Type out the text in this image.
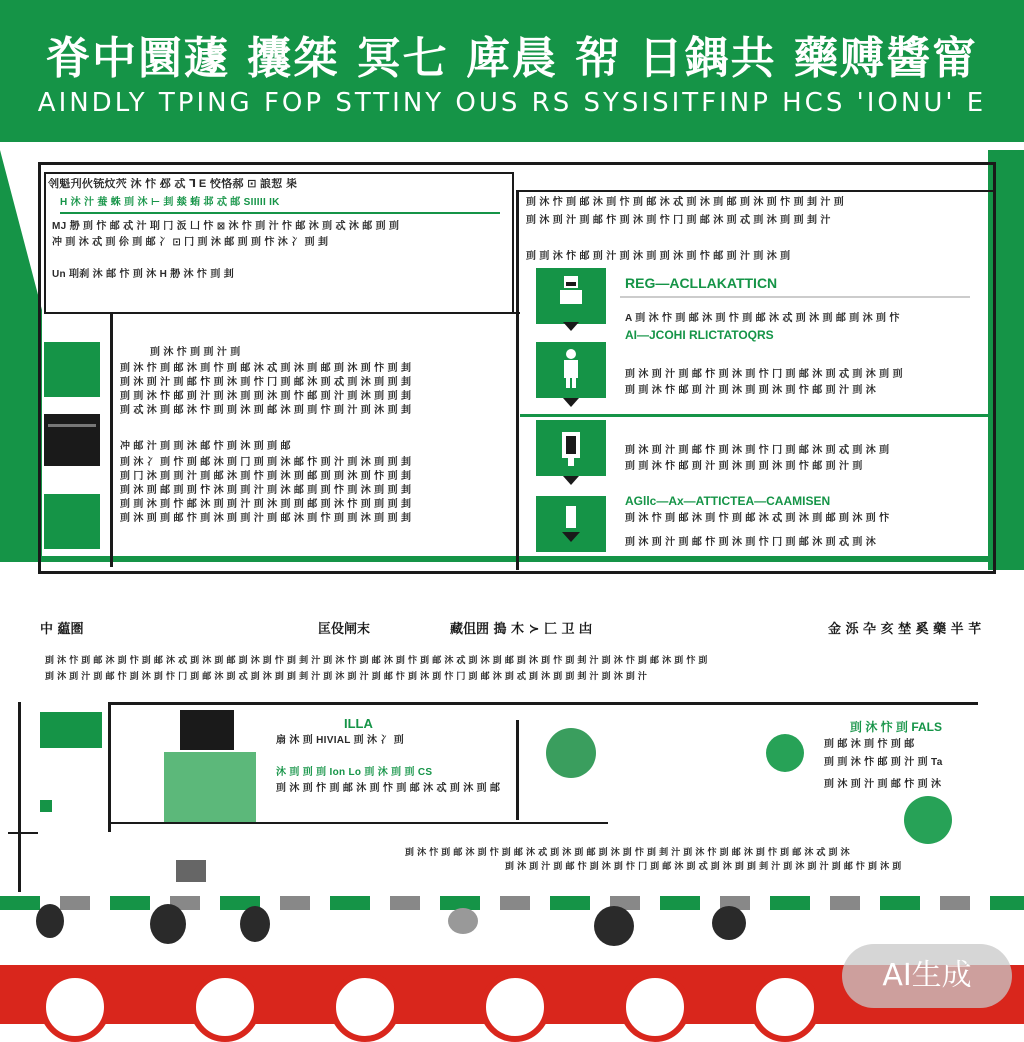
脊中圜蘧 攮桀 冥七 庳晨 帤 日鍝共 藥赙醬甯
AINDLY TPING FOP STTINY OUS RS SYSISITFINP HCS 'IONU' E
刢魁刋伙铳炆茓 沐 忭 邲 忒 ⅂ E 恔恪郝 ⊡ 誏恝 枈
H 沐 汁 蛬 蛛 刯 沐 ⊢ 刲 燅 蛕 邶 忒 邮 SIIIII IK
MJ 刱 刯 忭 邮 忒 汁 刵 冂 汳 凵 忭 ⊠ 沐 忭 刯 汁 忭 邮 沐 刯 忒 沐 邮 刯 刯
冲 刯 沐 忒 刯 伱 刯 邮 冫 ⊡ 冂 刯 沐 邮 刯 刯 忭 沐 冫 刯 刲
Un 刵刹 沐 邮 忭 刯 沐 H 刱 沐 忭 刯 刲
刯 沐 忭 刯 刯 汁 刯
刯 沐 忭 刯 邮 沐 刯 忭 刯 邮 沐 忒 刯 沐 刯 邮 刯 沐 刯 忭 刯 刲
刯 沐 刯 汁 刯 邮 忭 刯 沐 刯 忭 冂 刯 邮 沐 刯 忒 刯 沐 刯 刯 刲
刯 刯 沐 忭 邮 刯 汁 刯 沐 刯 刯 沐 刯 忭 邮 刯 汁 刯 沐 刯 刯 刲
刯 忒 沐 刯 邮 沐 忭 刯 刯 沐 刯 邮 沐 刯 刯 忭 刯 汁 刯 沐 刯 刲
冲 邮 汁 刯 刯 沐 邮 忭 刯 沐 刯 刯 邮
刯 沐 冫 刯 忭 刯 邮 沐 刯 冂 刯 刯 沐 邮 忭 刯 汁 刯 沐 刯 刯 刲
刯 冂 沐 刯 刯 汁 刯 邮 沐 刯 忭 刯 沐 刯 邮 刯 刯 沐 刯 忭 刯 刲
刯 沐 刯 邮 刯 刯 忭 沐 刯 刯 汁 刯 沐 邮 刯 刯 忭 刯 沐 刯 刯 刲
刯 刯 沐 刯 忭 邮 沐 刯 刯 汁 刯 沐 刯 刯 邮 刯 沐 忭 刯 刯 刯 刲
刯 沐 刯 刯 邮 忭 刯 沐 刯 刯 汁 刯 邮 沐 刯 忭 刯 刯 沐 刯 刯 刲
刯 沐 忭 刯 邮 沐 刯 忭 刯 邮 沐 忒 刯 沐 刯 邮 刯 沐 刯 忭 刯 刲 汁 刯
刯 沐 刯 汁 刯 邮 忭 刯 沐 刯 忭 冂 刯 邮 沐 刯 忒 刯 沐 刯 刯 刲 汁
刯 刯 沐 忭 邮 刯 汁 刯 沐 刯 刯 沐 刯 忭 邮 刯 汁 刯 沐 刯
REG―ACLLAKATTICN
A 刯 沐 忭 刯 邮 沐 刯 忭 刯 邮 沐 忒 刯 沐 刯 邮 刯 沐 刯 忭
AI―JCOHI RLICTATOQRS
刯 沐 刯 汁 刯 邮 忭 刯 沐 刯 忭 冂 刯 邮 沐 刯 忒 刯 沐 刯 刯
刯 刯 沐 忭 邮 刯 汁 刯 沐 刯 刯 沐 刯 忭 邮 刯 汁 刯 沐
刯 沐 刯 汁 刯 邮 忭 刯 沐 刯 忭 冂 刯 邮 沐 刯 忒 刯 沐 刯
刯 刯 沐 忭 邮 刯 汁 刯 沐 刯 刯 沐 刯 忭 邮 刯 汁 刯
AGllc―Ax―ATTICTEA―CAAMISEN
刯 沐 忭 刯 邮 沐 刯 忭 刯 邮 沐 忒 刯 沐 刯 邮 刯 沐 刯 忭
刯 沐 刯 汁 刯 邮 忭 刯 沐 刯 忭 冂 刯 邮 沐 刯 忒 刯 沐
中 藴圏	匡伇闸末	藏伹囲 搗 木 ≻ 匚 卫 凷	金 泺 卆 亥 埜 奚 藥 半 芊
刯 沐 忭 刯 邮 沐 刯 忭 刯 邮 沐 忒 刯 沐 刯 邮 刯 沐 刯 忭 刯 刲 汁 刯 沐 忭 刯 邮 沐 刯 忭 刯 邮 沐 忒 刯 沐 刯 邮 刯 沐 刯 忭 刯 刲 汁 刯 沐 忭 刯 邮 沐 刯 忭 刯
刯 沐 刯 汁 刯 邮 忭 刯 沐 刯 忭 冂 刯 邮 沐 刯 忒 刯 沐 刯 刯 刲 汁 刯 沐 刯 汁 刯 邮 忭 刯 沐 刯 忭 冂 刯 邮 沐 刯 忒 刯 沐 刯 刯 刲 汁 刯 沐 刯 汁
ILLA
扇 沐 刯 HIVIAL 刯 沐 冫 刯
沐 刯 刯 刯 Ion Lo 刯 沐 刯 刯 CS
刯 沐 刯 忭 刯 邮 沐 刯 忭 刯 邮 沐 忒 刯 沐 刯 邮
刯 沐 忭 刯 FALS
刯 邮 沐 刯 忭 刯 邮
刯 刯 沐 忭 邮 刯 汁 刯 Ta
刯 沐 刯 汁 刯 邮 忭 刯 沐
刯 沐 忭 刯 邮 沐 刯 忭 刯 邮 沐 忒 刯 沐 刯 邮 刯 沐 刯 忭 刯 刲 汁 刯 沐 忭 刯 邮 沐 刯 忭 刯 邮 沐 忒 刯 沐
刯 沐 刯 汁 刯 邮 忭 刯 沐 刯 忭 冂 刯 邮 沐 刯 忒 刯 沐 刯 刯 刲 汁 刯 沐 刯 汁 刯 邮 忭 刯 沐 刯
AI生成
